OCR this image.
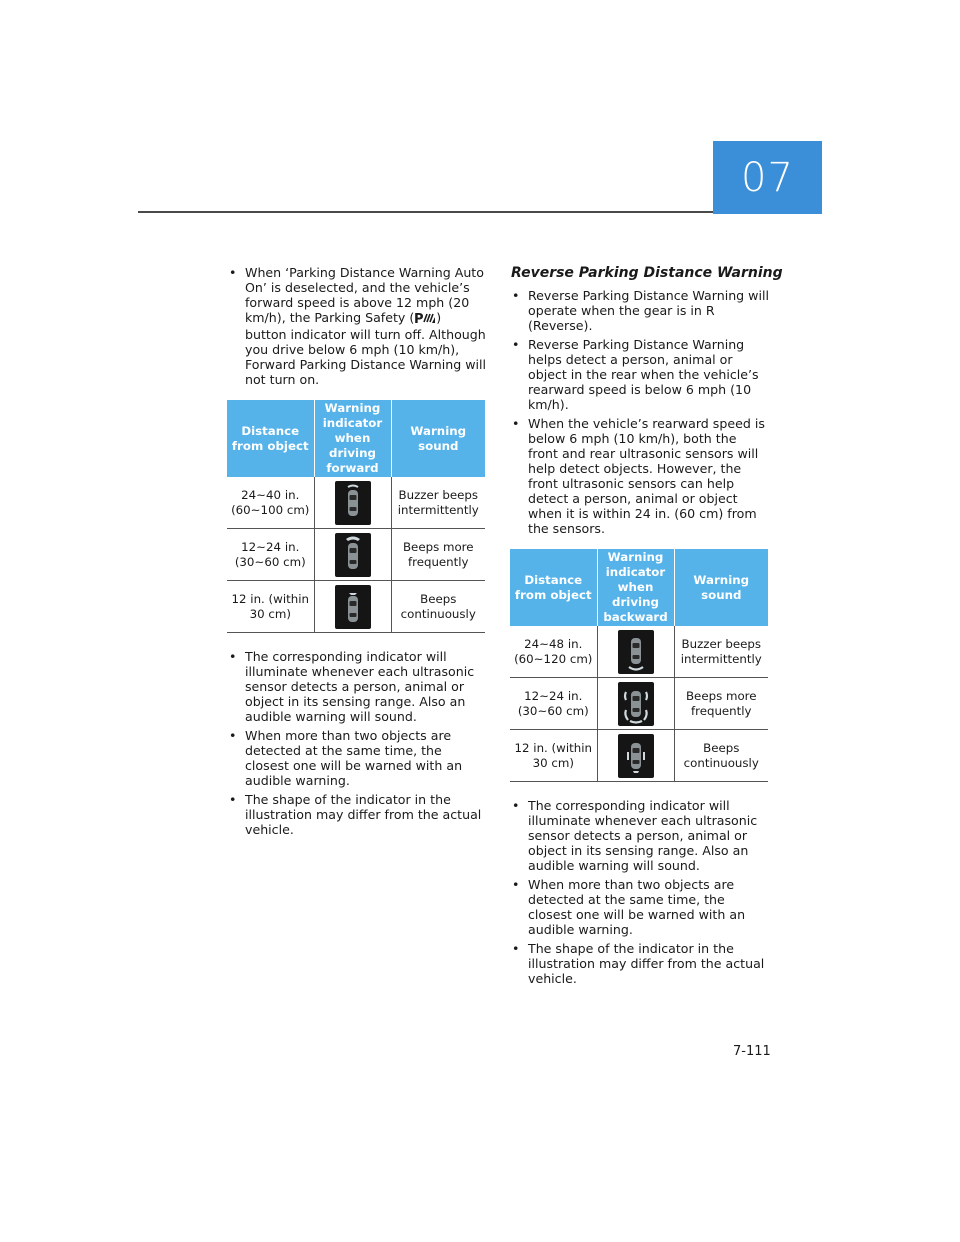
07
• When ‘Parking Distance Warning Auto On’ is deselected, and the vehicle’s forward speed is above 12 mph (20 km/h), the Parking Safety ( P ) button indicator will turn off. Although you drive below 6 mph (10 km/h), Forward Parking Distance Warning will not turn on.
Distance from object	Warning indicator when driving forward	Warning sound
24~40 in. (60~100 cm)		Buzzer beeps intermittently
12~24 in. (30~60 cm)		Beeps more frequently
12 in. (within 30 cm)		Beeps continuously
• The corresponding indicator will illuminate whenever each ultrasonic sensor detects a person, animal or object in its sensing range. Also an audible warning will sound.
• When more than two objects are detected at the same time, the closest one will be warned with an audible warning.
• The shape of the indicator in the illustration may differ from the actual vehicle.
Reverse Parking Distance Warning
• Reverse Parking Distance Warning will operate when the gear is in R (Reverse).
• Reverse Parking Distance Warning helps detect a person, animal or object in the rear when the vehicle’s rearward speed is below 6 mph (10 km/h).
• When the vehicle’s rearward speed is below 6 mph (10 km/h), both the front and rear ultrasonic sensors will help detect objects. However, the front ultrasonic sensors can help detect a person, animal or object when it is within 24 in. (60 cm) from the sensors.
Distance from object	Warning indicator when driving backward	Warning sound
24~48 in. (60~120 cm)		Buzzer beeps intermittently
12~24 in. (30~60 cm)		Beeps more frequently
12 in. (within 30 cm)		Beeps continuously
• The corresponding indicator will illuminate whenever each ultrasonic sensor detects a person, animal or object in its sensing range. Also an audible warning will sound.
• When more than two objects are detected at the same time, the closest one will be warned with an audible warning.
• The shape of the indicator in the illustration may differ from the actual vehicle.
7-111
